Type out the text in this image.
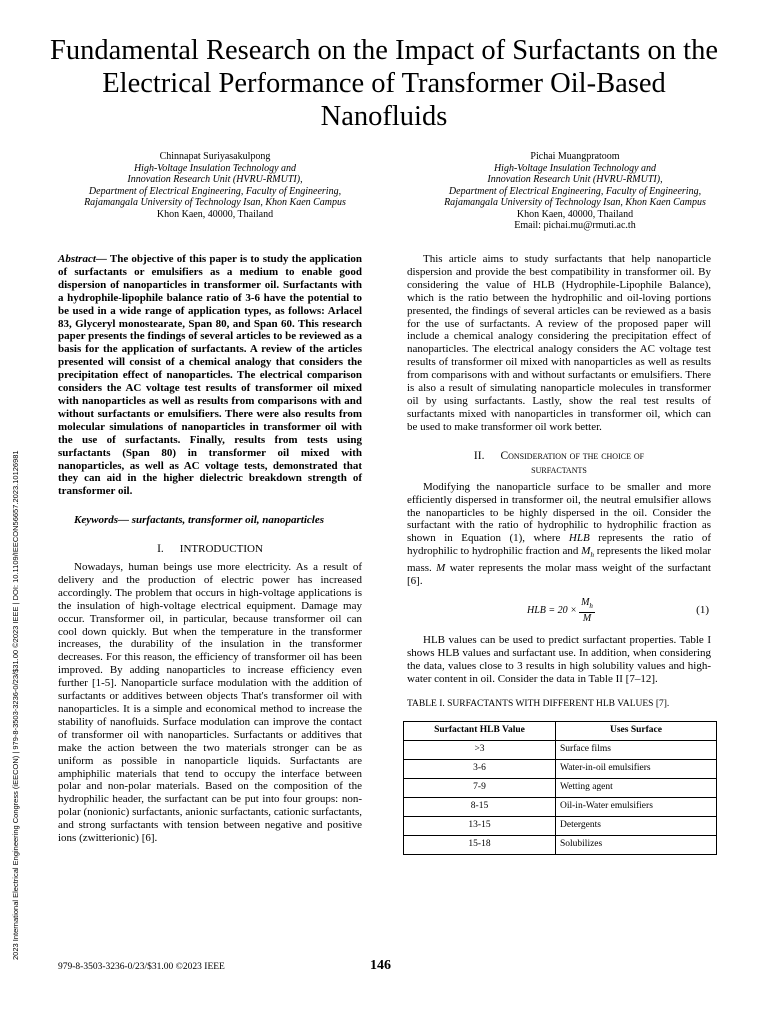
Fundamental Research on the Impact of Surfactants on the Electrical Performance of Transformer Oil-Based Nanofluids
Chinnapat Suriyasakulpong
High-Voltage Insulation Technology and
Innovation Research Unit (HVRU-RMUTI),
Department of Electrical Engineering, Faculty of Engineering,
Rajamangala University of Technology Isan, Khon Kaen Campus
Khon Kaen, 40000, Thailand
Pichai Muangpratoom
High-Voltage Insulation Technology and
Innovation Research Unit (HVRU-RMUTI),
Department of Electrical Engineering, Faculty of Engineering,
Rajamangala University of Technology Isan, Khon Kaen Campus
Khon Kaen, 40000, Thailand
Email: pichai.mu@rmuti.ac.th
2023 International Electrical Engineering Congress (iEECON) | 979-8-3503-3236-0/23/$31.00 ©2023 IEEE | DOI: 10.1109/IEECON56657.2023.10126981

Abstract— The objective of this paper is to study the application of surfactants or emulsifiers as a medium to enable good dispersion of nanoparticles in transformer oil. Surfactants with a hydrophile-lipophile balance ratio of 3-6 have the potential to be used in a wide range of application types, as follows: Arlacel 83, Glyceryl monostearate, Span 80, and Span 60. This research paper presents the findings of several articles to be reviewed as a basis for the application of surfactants. A review of the articles presented will consist of a chemical analogy that considers the precipitation effect of nanoparticles. The electrical comparison considers the AC voltage test results of transformer oil mixed with nanoparticles as well as results from comparisons with and without surfactants or emulsifiers. There were also results from molecular simulations of nanoparticles in transformer oil with the use of surfactants. Finally, results from tests using surfactants (Span 80) in transformer oil mixed with nanoparticles, as well as AC voltage tests, demonstrated that they can aid in the higher dielectric breakdown strength of transformer oil.

Keywords— surfactants, transformer oil, nanoparticles

I. INTRODUCTION

Nowadays, human beings use more electricity. As a result of delivery and the production of electric power has increased accordingly. The problem that occurs in high-voltage applications is the insulation of high-voltage electrical equipment. Damage may occur. Transformer oil, in particular, because transformer oil can cool down quickly. But when the temperature in the transformer increases, the durability of the insulation in the transformer decreases. For this reason, the efficiency of transformer oil has been improved. By adding nanoparticles to increase efficiency even further [1-5]. Nanoparticle surface modulation with the addition of surfactants or additives between objects That's transformer oil with nanoparticles. It is a simple and economical method to increase the stability of nanofluids. Surface modulation can improve the contact of transformer oil with nanoparticles. Surfactants or additives that make the action between the two materials stronger can be as uniform as possible in nanoparticle liquids. Surfactants are amphiphilic materials that tend to occupy the interface between polar and non-polar materials. Based on the composition of the hydrophilic header, the surfactant can be put into four groups: non-polar (nonionic) surfactants, anionic surfactants, cationic surfactants, and strong surfactants with tension between negative and positive ions (zwitterionic) [6].

This article aims to study surfactants that help nanoparticle dispersion and provide the best compatibility in transformer oil. By considering the value of HLB (Hydrophile-Lipophile Balance), which is the ratio between the hydrophilic and oil-loving portions presented, the findings of several articles can be reviewed as a basis for the use of surfactants. A review of the proposed paper will include a chemical analogy considering the precipitation effect of nanoparticles. The electrical analogy considers the AC voltage test results of transformer oil mixed with nanoparticles as well as results from comparisons with and without surfactants or emulsifiers. There is also a result of simulating nanoparticle molecules in transformer oil by using surfactants. Lastly, show the real test results of surfactants mixed with nanoparticles in transformer oil, which can be used to make transformer oil work better.

II. Consideration of the choice of
surfactants

Modifying the nanoparticle surface to be smaller and more efficiently dispersed in transformer oil, the neutral emulsifier allows the nanoparticles to be highly dispersed in the oil. Consider the surfactant with the ratio of hydrophilic to hydrophilic fraction as shown in Equation (1), where HLB represents the ratio of hydrophilic to hydrophilic fraction and $M_h$ represents the liked molar mass. M water represents the molar mass weight of the surfactant [6].

HLB = $20 \times \frac{M_h}{M}$	(1)

HLB values can be used to predict surfactant properties. Table I shows HLB values and surfactant use. In addition, when considering the data, values close to 3 results in high solubility values and high-water content in oil. Consider the data in Table II [7–12].

TABLE I. SURFACTANTS WITH DIFFERENT HLB VALUES [7].
Surfactant HLB Value	Uses Surface
>3	Surface films
3-6	Water-in-oil emulsifiers
7-9	Wetting agent
8-15	Oil-in-Water emulsifiers
13-15	Detergents
15-18	Solubilizes
979-8-3503-3236-0/23/$31.00 ©2023 IEEE	146
